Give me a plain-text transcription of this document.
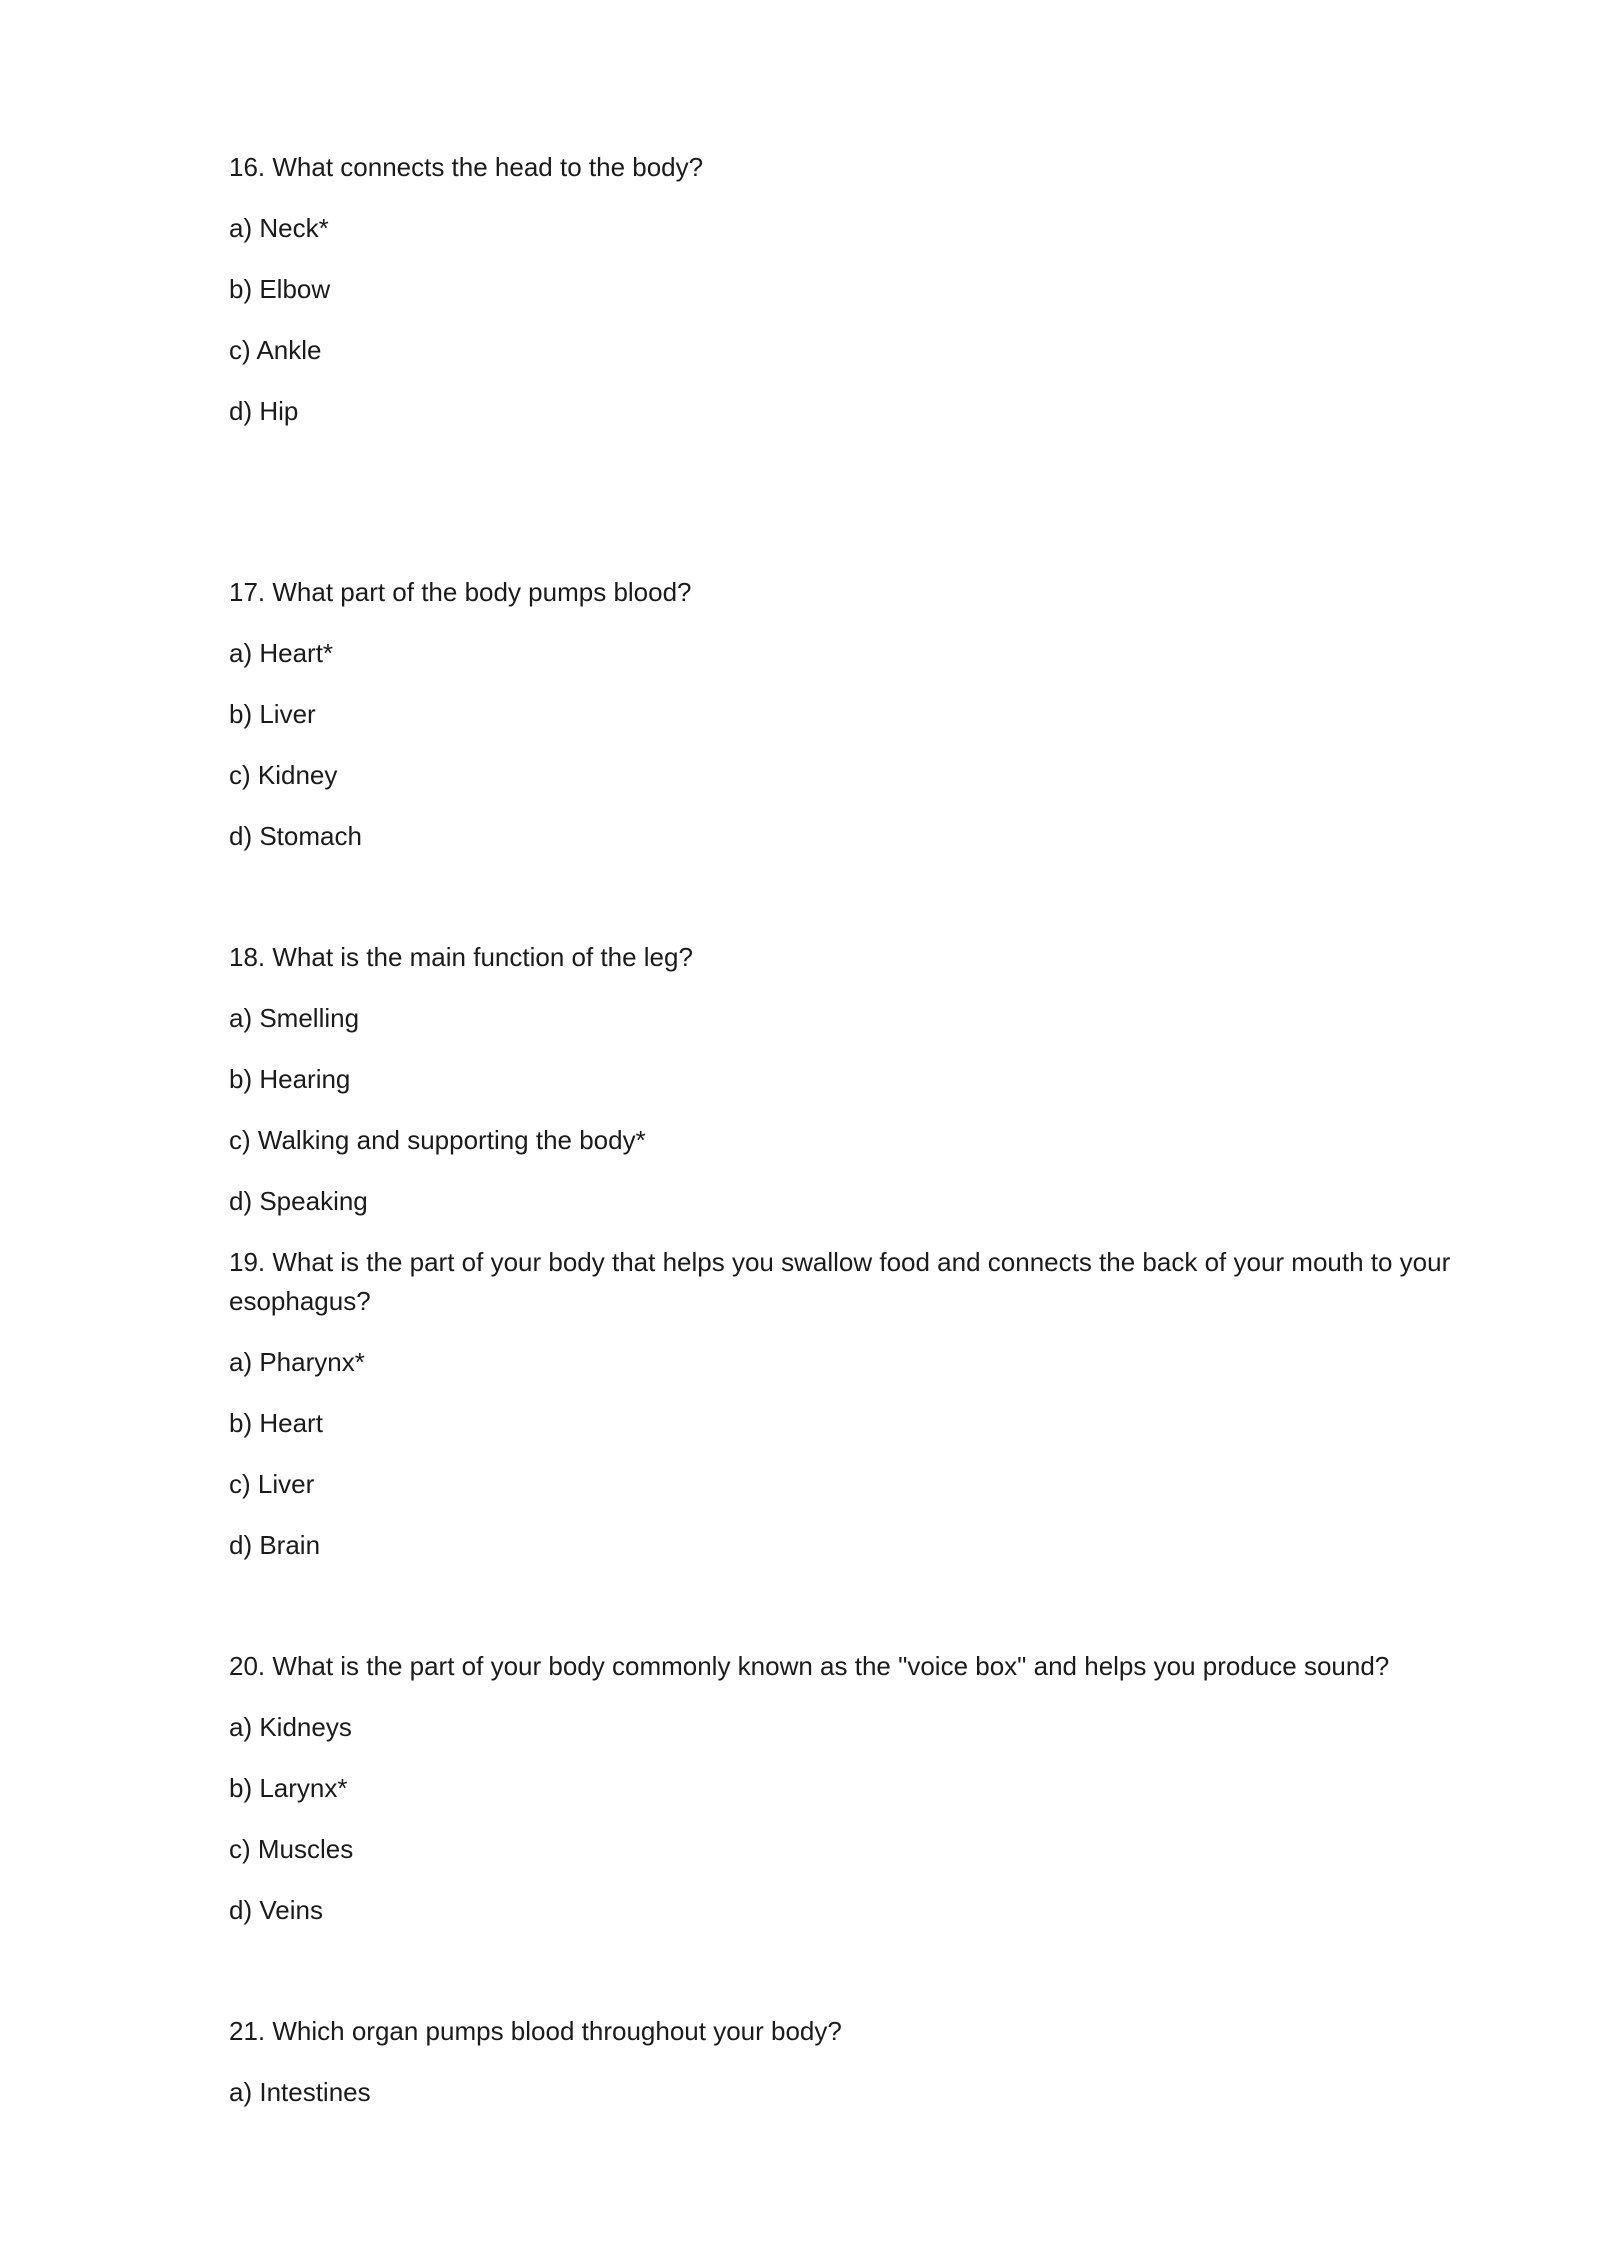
16. What connects the head to the body?

a) Neck*

b) Elbow

c) Ankle

d) Hip

17. What part of the body pumps blood?

a) Heart*

b) Liver

c) Kidney

d) Stomach

18. What is the main function of the leg?

a) Smelling

b) Hearing

c) Walking and supporting the body*

d) Speaking

19. What is the part of your body that helps you swallow food and connects the back of your mouth to your esophagus?

a) Pharynx*

b) Heart

c) Liver

d) Brain

20. What is the part of your body commonly known as the "voice box" and helps you produce sound?

a) Kidneys

b) Larynx*

c) Muscles

d) Veins

21. Which organ pumps blood throughout your body?

a) Intestines
